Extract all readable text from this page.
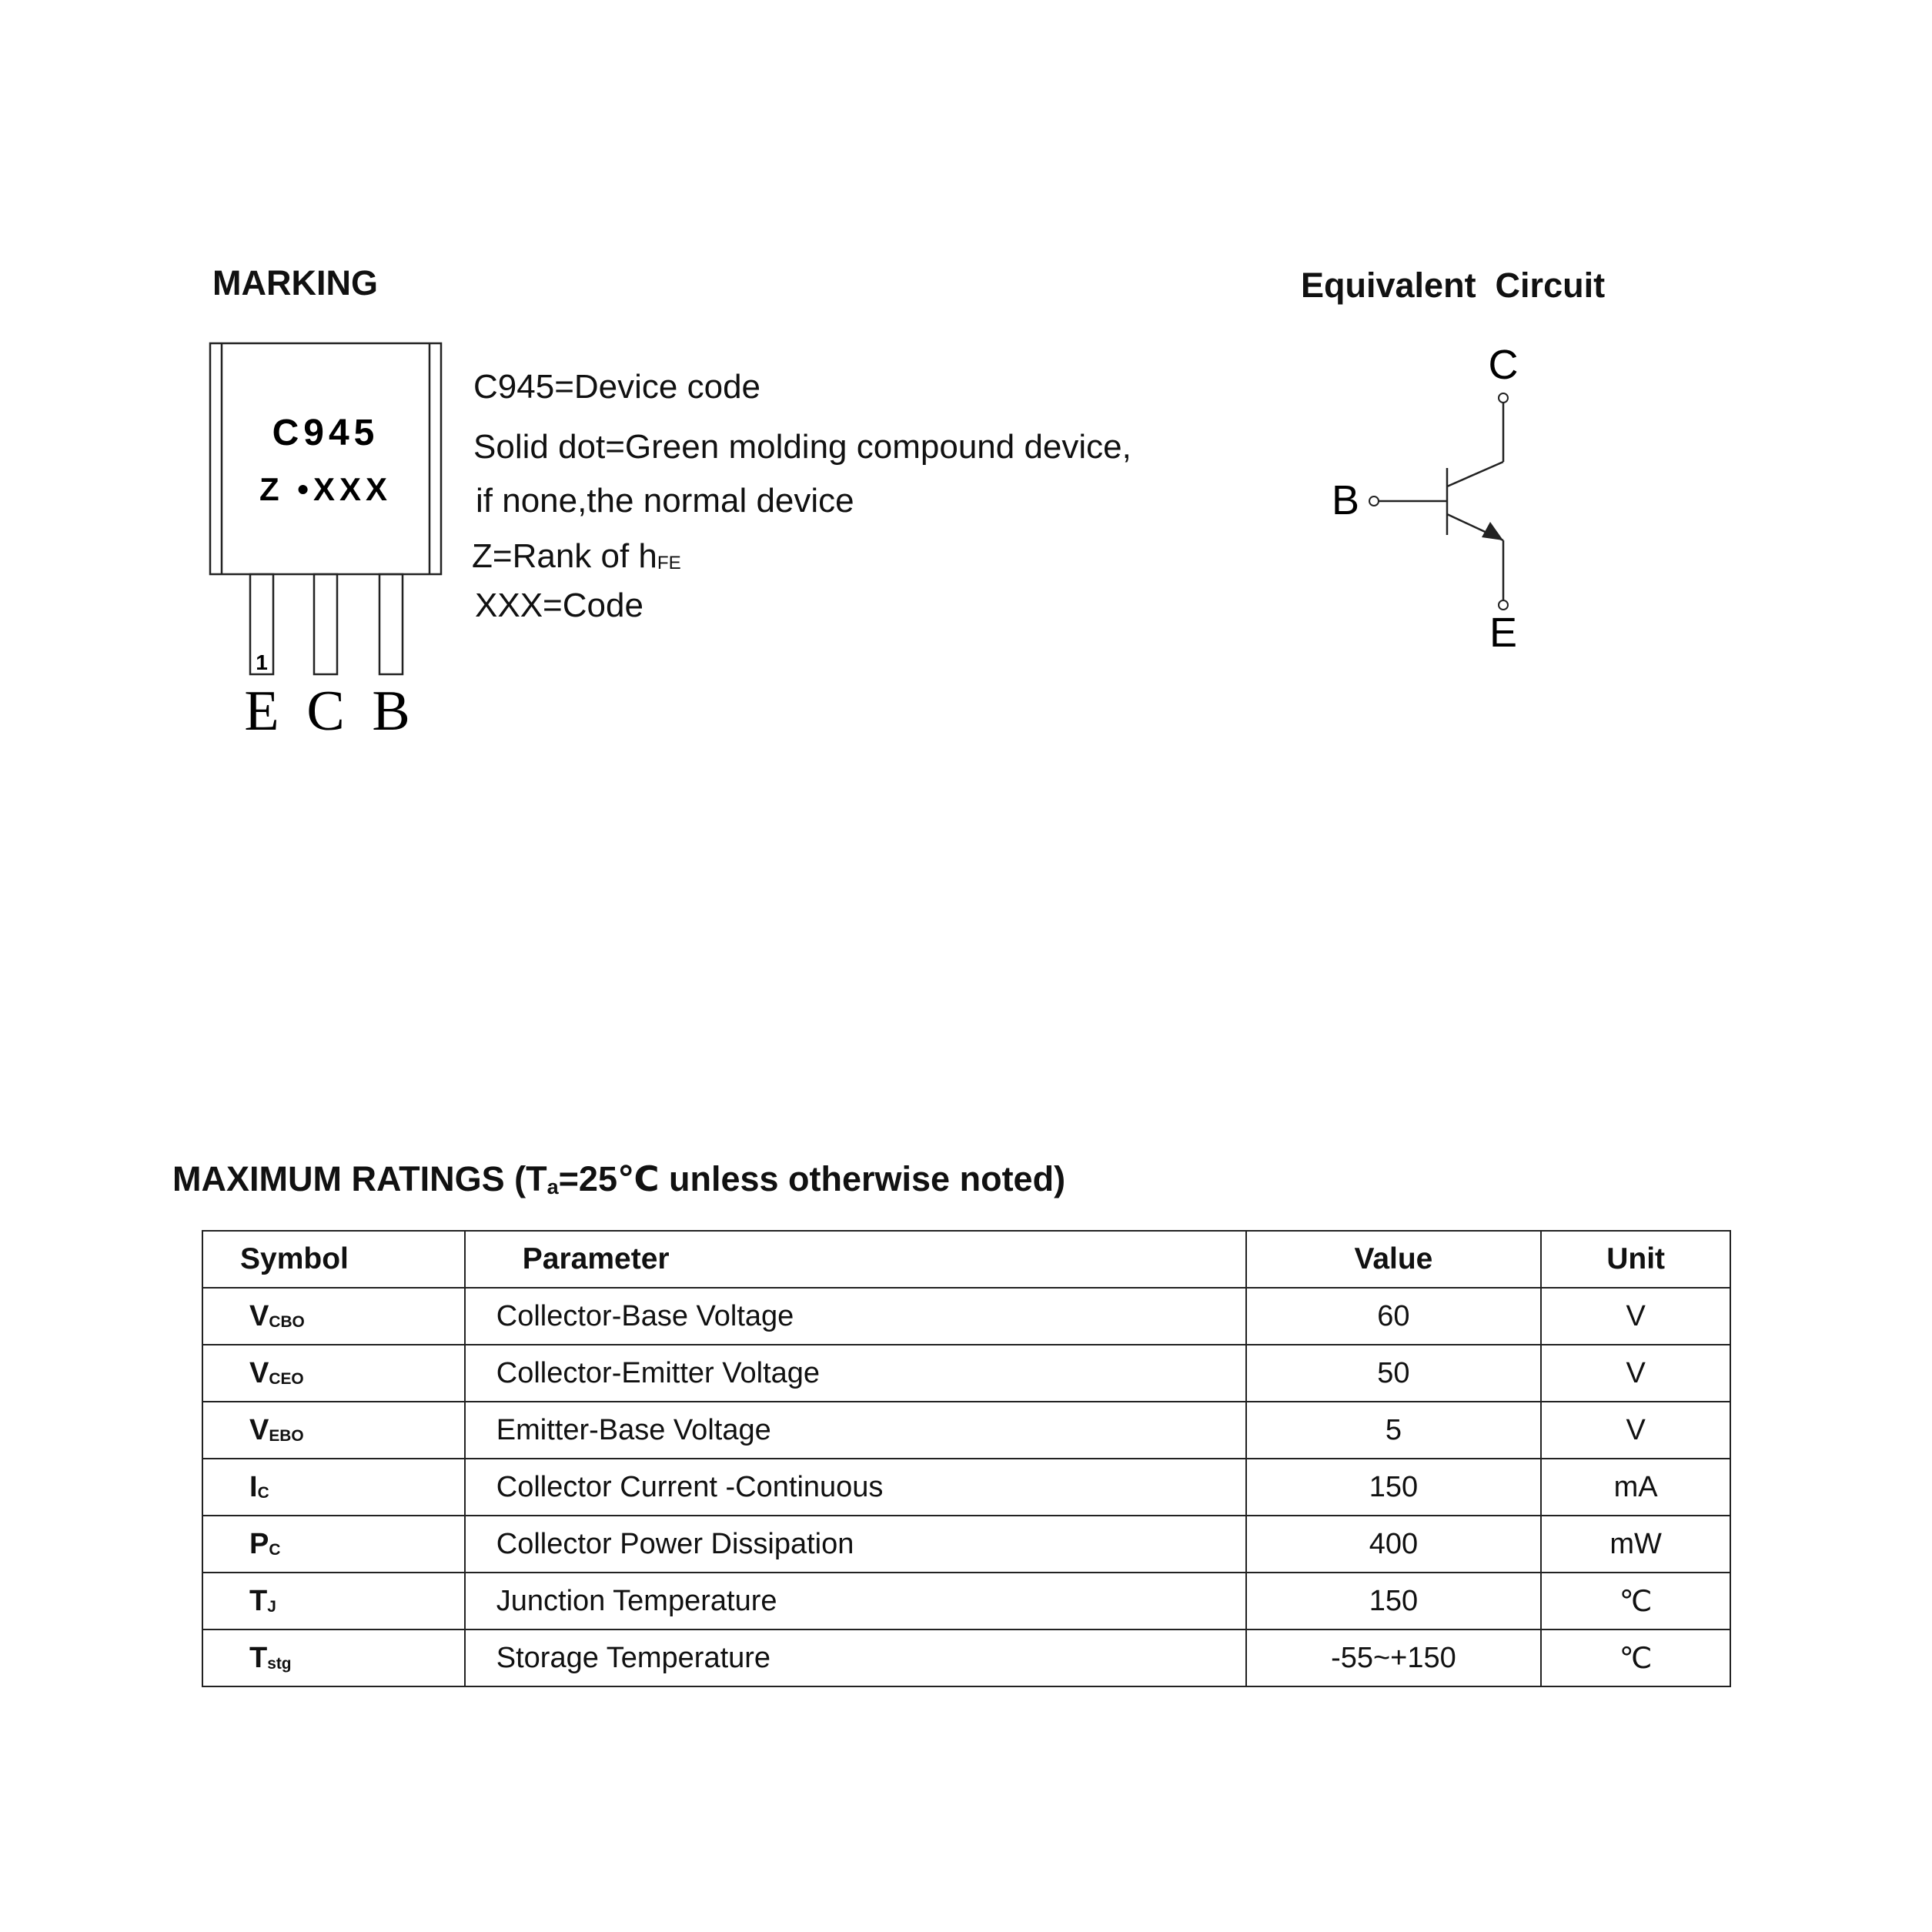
MARKING
C945
Z •XXX
1
E C B
C945=Device code
Solid dot=Green molding compound device,
if none,the normal device
Z=Rank of $h_{FE}$
XXX=Code
Equivalent  Circuit
C
B
E
MAXIMUM RATINGS ($T_a=25℃$ unless otherwise noted)
Symbol	Parameter	Value	Unit
$V_{CBO}$	Collector-Base Voltage	60	V
$V_{CEO}$	Collector-Emitter Voltage	50	V
$V_{EBO}$	Emitter-Base Voltage	5	V
$I_C$	Collector Current -Continuous	150	mA
$P_C$	Collector Power Dissipation	400	mW
$T_J$	Junction Temperature	150	℃
$T_{stg}$	Storage Temperature	-55~+150	℃
